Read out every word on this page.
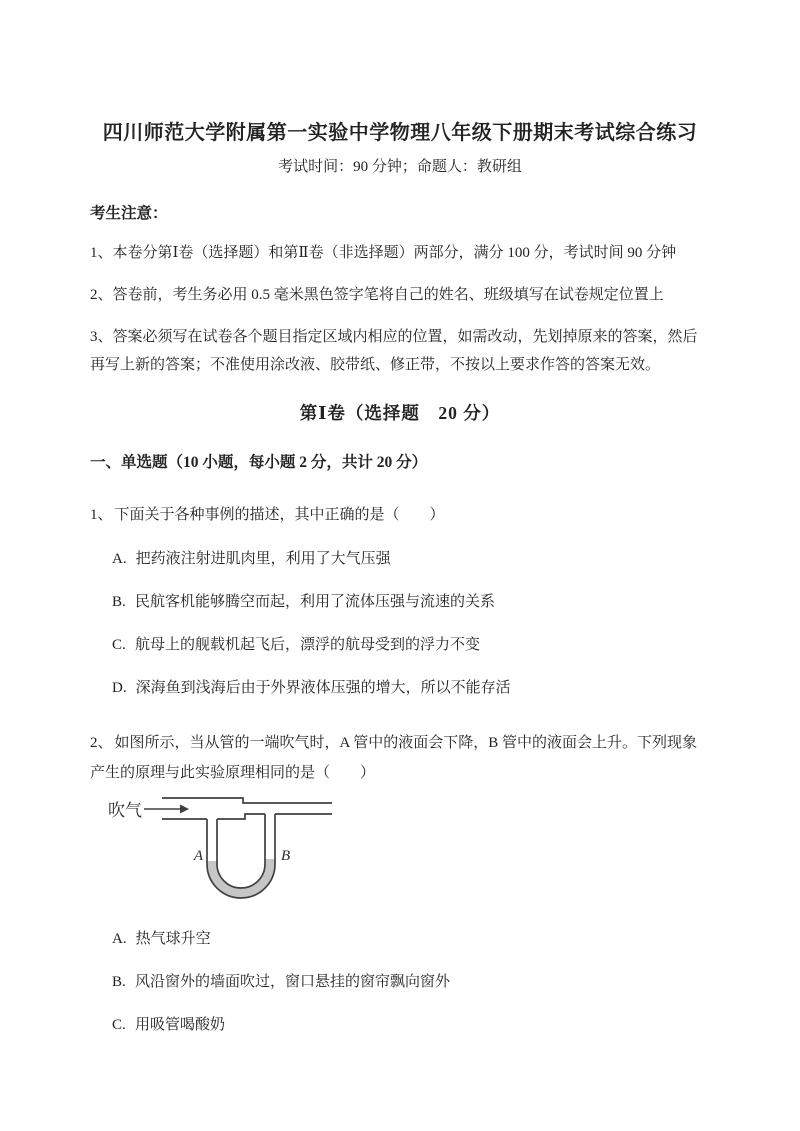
四川师范大学附属第一实验中学物理八年级下册期末考试综合练习

考试时间：90 分钟；命题人：教研组

考生注意：

1、本卷分第Ⅰ卷（选择题）和第Ⅱ卷（非选择题）两部分，满分 100 分，考试时间 90 分钟

2、答卷前，考生务必用 0.5 毫米黑色签字笔将自己的姓名、班级填写在试卷规定位置上

3、答案必须写在试卷各个题目指定区域内相应的位置，如需改动，先划掉原来的答案，然后再写上新的答案；不准使用涂改液、胶带纸、修正带，不按以上要求作答的答案无效。

第Ⅰ卷（选择题　20 分）
一、单选题（10 小题，每小题 2 分，共计 20 分）

1、 下面关于各种事例的描述，其中正确的是（　　）

A. 把药液注射进肌肉里，利用了大气压强

B. 民航客机能够腾空而起，利用了流体压强与流速的关系

C. 航母上的舰载机起飞后，漂浮的航母受到的浮力不变

D. 深海鱼到浅海后由于外界液体压强的增大，所以不能存活

2、 如图所示，当从管的一端吹气时，A 管中的液面会下降，B 管中的液面会上升。下列现象产生的原理与此实验原理相同的是（　　）

吹气
A	B

A. 热气球升空

B. 风沿窗外的墙面吹过，窗口悬挂的窗帘飘向窗外

C. 用吸管喝酸奶
